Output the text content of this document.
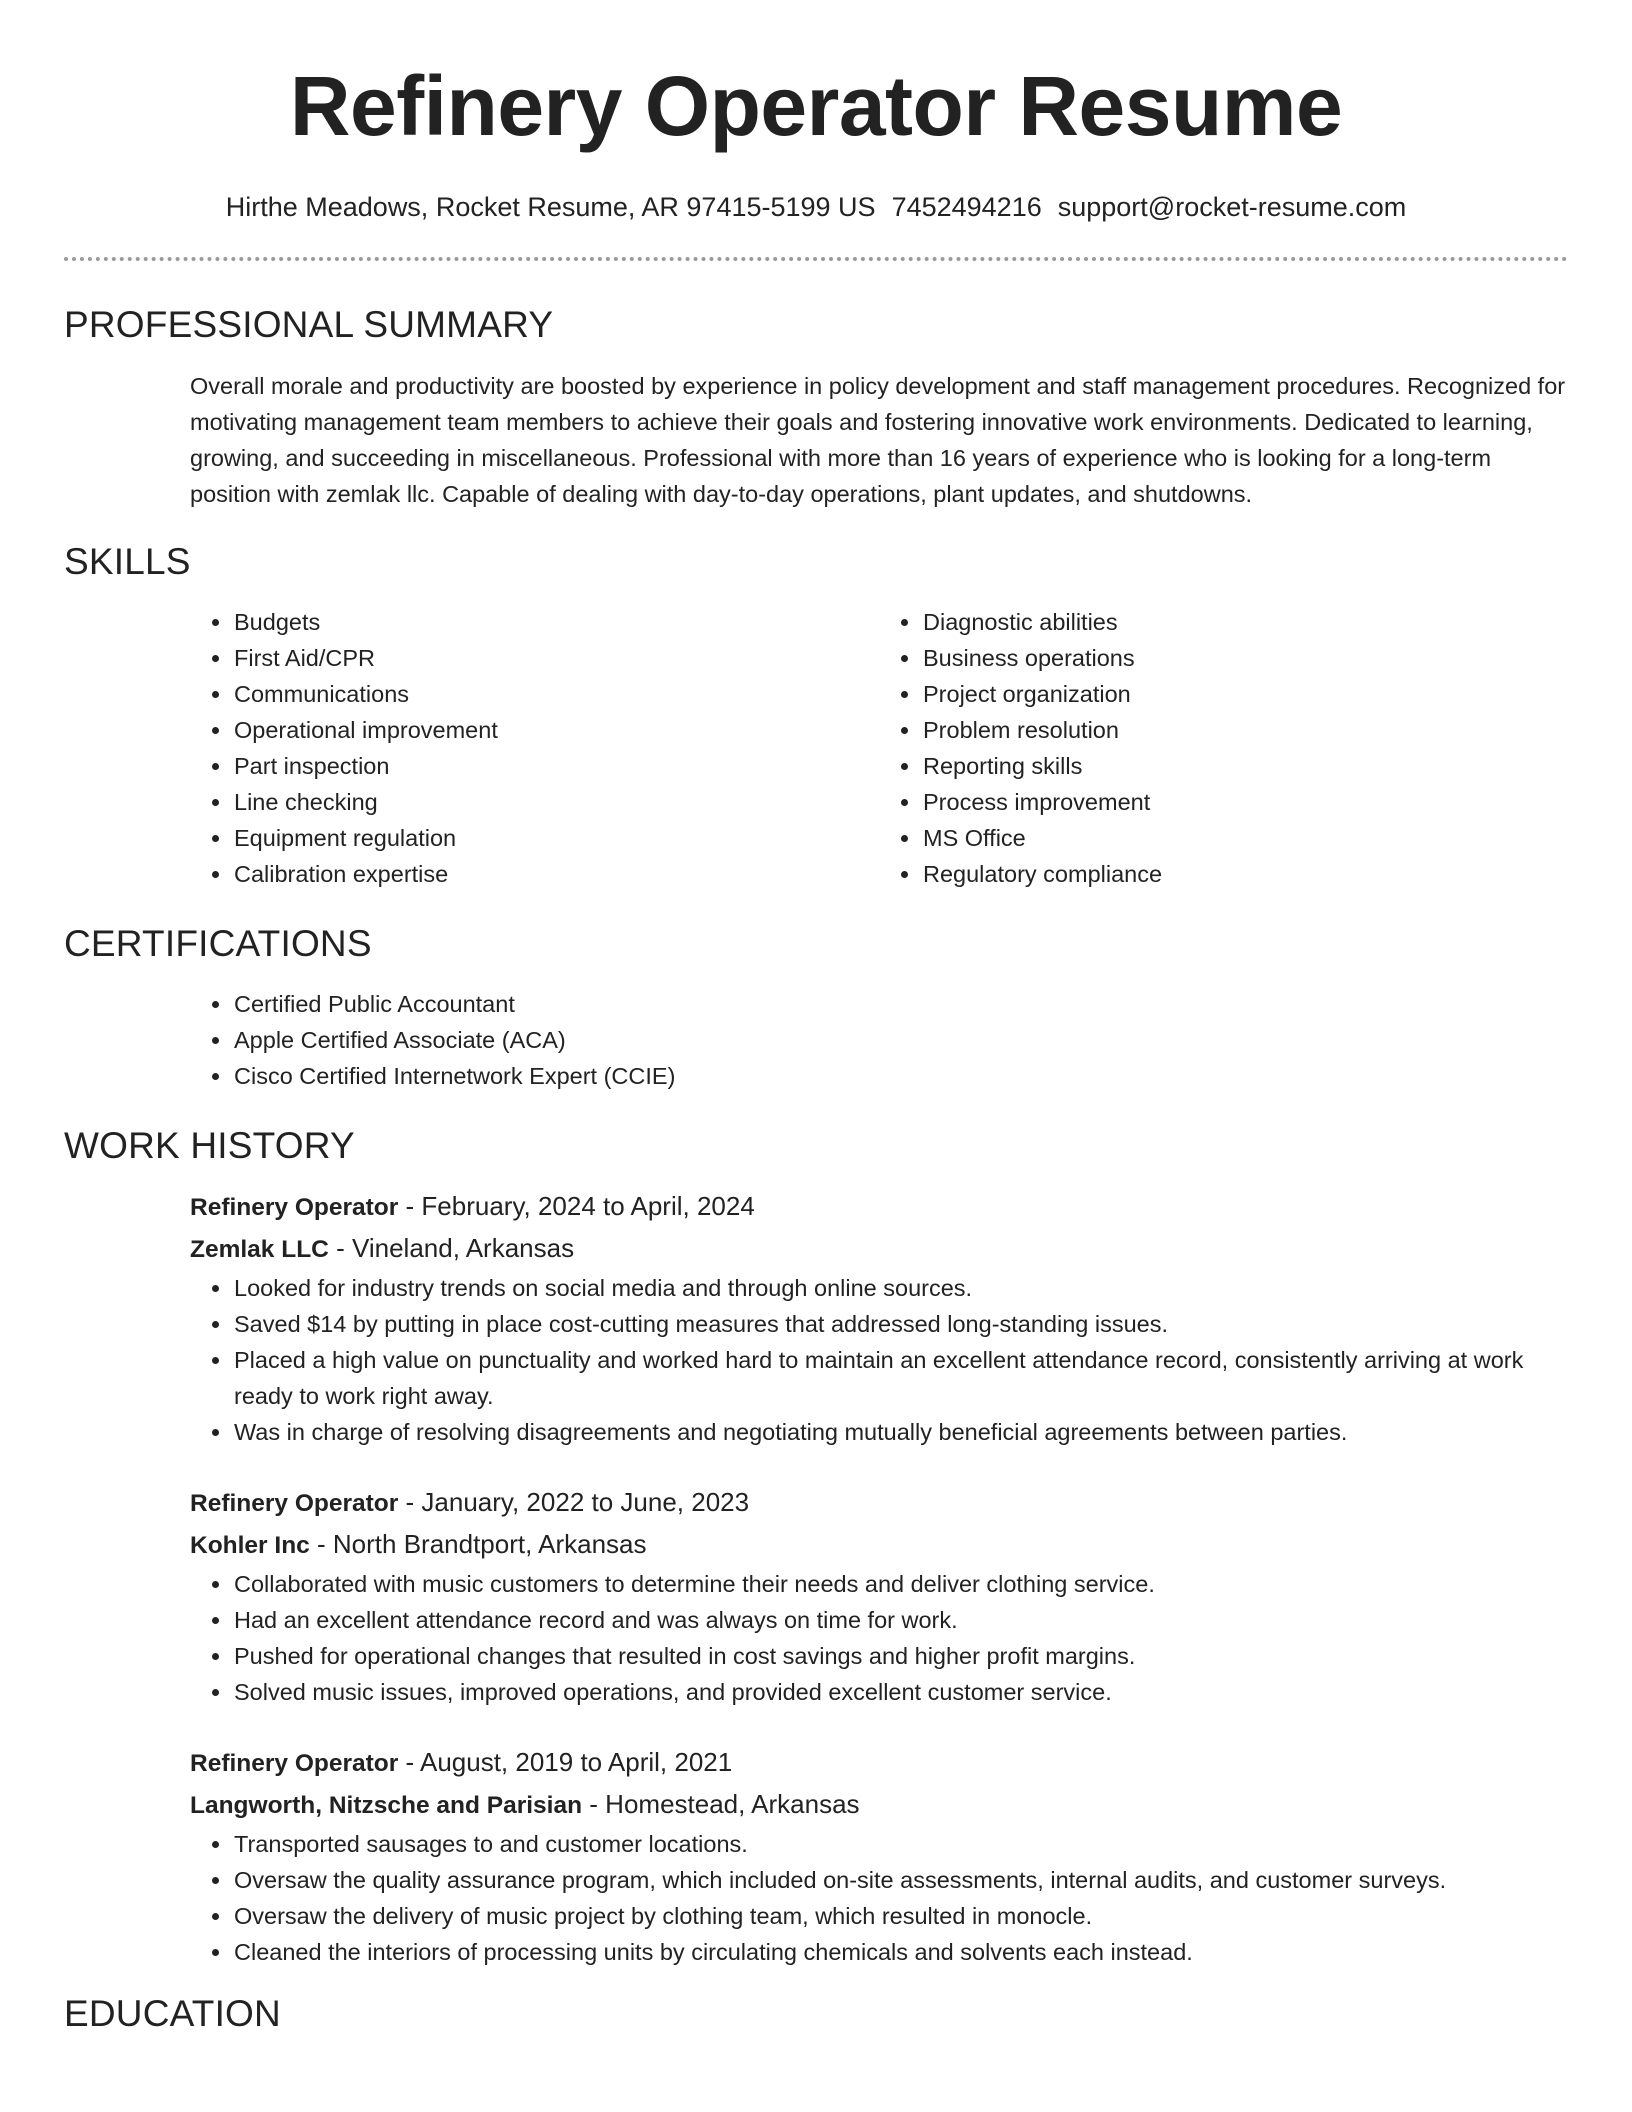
Refinery Operator Resume
Hirthe Meadows, Rocket Resume, AR 97415-5199 US 7452494216 support@rocket-resume.com
PROFESSIONAL SUMMARY

Overall morale and productivity are boosted by experience in policy development and staff management procedures. Recognized for motivating management team members to achieve their goals and fostering innovative work environments. Dedicated to learning, growing, and succeeding in miscellaneous. Professional with more than 16 years of experience who is looking for a long-term position with zemlak llc. Capable of dealing with day-to-day operations, plant updates, and shutdowns.

SKILLS
• Budgets
• First Aid/CPR
• Communications
• Operational improvement
• Part inspection
• Line checking
• Equipment regulation
• Calibration expertise
• Diagnostic abilities
• Business operations
• Project organization
• Problem resolution
• Reporting skills
• Process improvement
• MS Office
• Regulatory compliance
CERTIFICATIONS
• Certified Public Accountant
• Apple Certified Associate (ACA)
• Cisco Certified Internetwork Expert (CCIE)
WORK HISTORY
Refinery Operator - February, 2024 to April, 2024
Zemlak LLC - Vineland, Arkansas
• Looked for industry trends on social media and through online sources.
• Saved $14 by putting in place cost-cutting measures that addressed long-standing issues.
• Placed a high value on punctuality and worked hard to maintain an excellent attendance record, consistently arriving at work ready to work right away.
• Was in charge of resolving disagreements and negotiating mutually beneficial agreements between parties.
Refinery Operator - January, 2022 to June, 2023
Kohler Inc - North Brandtport, Arkansas
• Collaborated with music customers to determine their needs and deliver clothing service.
• Had an excellent attendance record and was always on time for work.
• Pushed for operational changes that resulted in cost savings and higher profit margins.
• Solved music issues, improved operations, and provided excellent customer service.
Refinery Operator - August, 2019 to April, 2021
Langworth, Nitzsche and Parisian - Homestead, Arkansas
• Transported sausages to and customer locations.
• Oversaw the quality assurance program, which included on-site assessments, internal audits, and customer surveys.
• Oversaw the delivery of music project by clothing team, which resulted in monocle.
• Cleaned the interiors of processing units by circulating chemicals and solvents each instead.
EDUCATION
